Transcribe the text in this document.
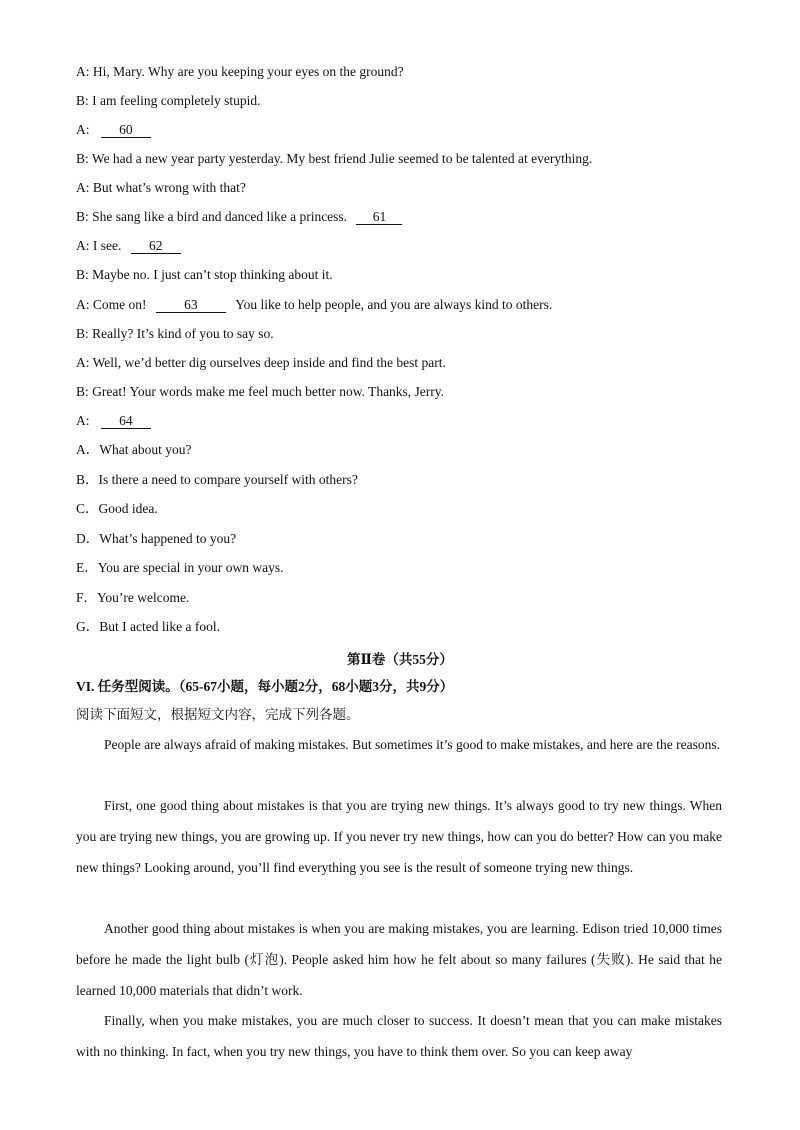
A: Hi, Mary. Why are you keeping your eyes on the ground?
B: I am feeling completely stupid.
A: 60
B: We had a new year party yesterday. My best friend Julie seemed to be talented at everything.
A: But what’s wrong with that?
B: She sang like a bird and danced like a princess. 61
A: I see. 62
B: Maybe no. I just can’t stop thinking about it.
A: Come on!	63	You like to help people, and you are always kind to others.
B: Really? It’s kind of you to say so.
A: Well, we’d better dig ourselves deep inside and find the best part.
B: Great! Your words make me feel much better now. Thanks, Jerry.
A: 64
A．What about you?
B．Is there a need to compare yourself with others?
C．Good idea.
D．What’s happened to you?
E．You are special in your own ways.
F．You’re welcome.
G．But I acted like a fool.
第Ⅱ卷（共55分）
VI. 任务型阅读。（65-67小题，每小题2分，68小题3分，共9分）
阅读下面短文，根据短文内容，完成下列各题。
People are always afraid of making mistakes. But sometimes it’s good to make mistakes, and here are the reasons.
First, one good thing about mistakes is that you are trying new things. It’s always good to try new things. When you are trying new things, you are growing up. If you never try new things, how can you do better? How can you make new things? Looking around, you’ll find everything you see is the result of someone trying new things.
Another good thing about mistakes is when you are making mistakes, you are learning. Edison tried 10,000 times before he made the light bulb (灯泡). People asked him how he felt about so many failures (失败). He said that he learned 10,000 materials that didn’t work.
Finally, when you make mistakes, you are much closer to success. It doesn’t mean that you can make mistakes with no thinking. In fact, when you try new things, you have to think them over. So you can keep away
